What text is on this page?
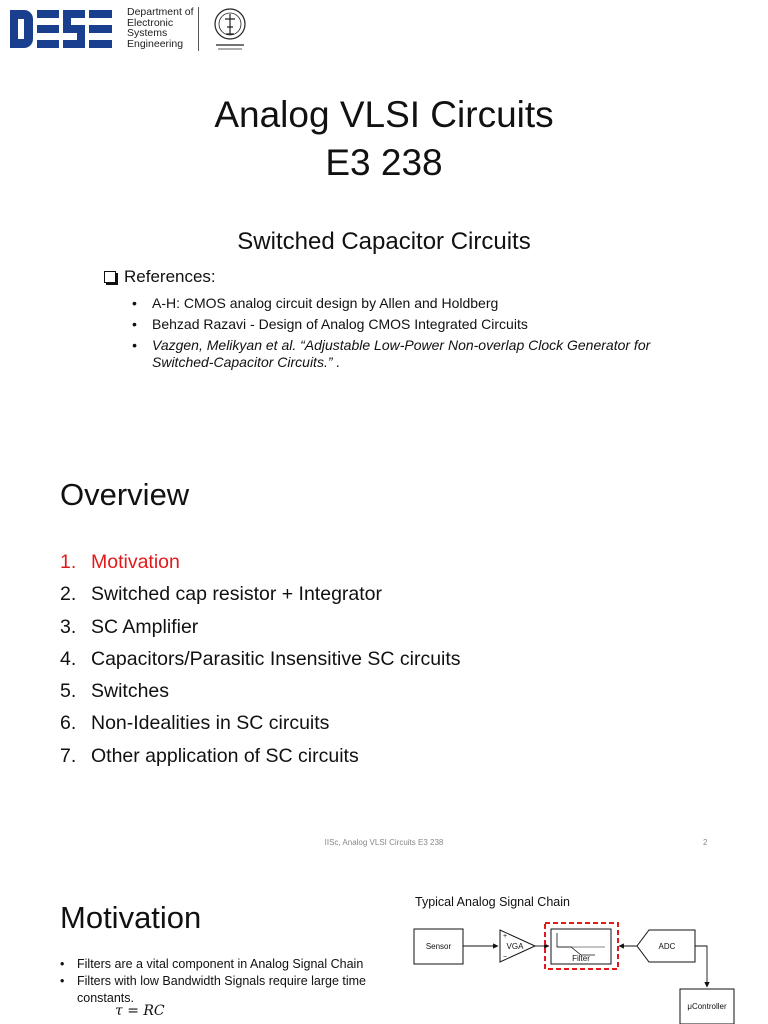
Department of
Electronic
Systems
Engineering
Analog VLSI Circuits
E3 238
Switched Capacitor Circuits
References:
• A-H: CMOS analog circuit design by Allen and Holdberg
• Behzad Razavi - Design of Analog CMOS Integrated Circuits
• Vazgen, Melikyan et al. “Adjustable Low-Power Non-overlap Clock Generator for Switched-Capacitor Circuits.” .
Overview
1. Motivation
2. Switched cap resistor + Integrator
3. SC Amplifier
4. Capacitors/Parasitic Insensitive SC circuits
5. Switches
6. Non-Idealities in SC circuits
7. Other application of SC circuits
IISc, Analog VLSI Circuits E3 238	2
Motivation	Typical Analog Signal Chain
• Filters are a vital component in Analog Signal Chain
• Filters with low Bandwidth Signals require large time constants.
τ = RC
Sensor
+
−
VGA
Filter
ADC
μController
